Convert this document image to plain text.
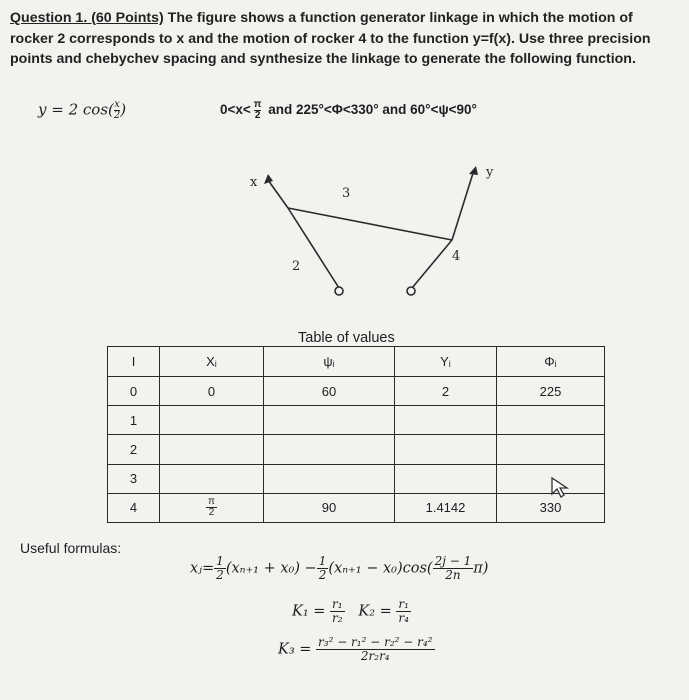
Question 1. (60 Points) The figure shows a function generator linkage in which the motion of rocker 2 corresponds to x and the motion of rocker 4 to the function y=f(x). Use three precision points and chebychev spacing and synthesize the linkage to generate the following function.
y = 2 $\cos( \frac{x}{2}$ )	$0<x< \frac{\pi}{2}$ and 225°<Φ<330° and 60°<ψ<90°
x
y
2
3
4
Table of values
I	Xᵢ	ψᵢ	Yᵢ	Φᵢ
0	0	60	2	225
1				
2				
3				
4	$\frac{\pi}{2}$	90	1.4142	330
Useful formulas:
xⱼ= $\frac{1}{2} (x_{n+1} + x_0) - \frac{1}{2} (x_{n+1} - x_0)\cos( \frac{2j - 1}{2n} \pi)$
$K_1 = \frac{\text{r₁}}{\text{r₂}} K_2 = \frac{\text{r₁}}{\text{r₄}}$
$K_3 = \frac{\text{r₃² − r₁² − r₂² − r₄²}}{\text{2r₂r₄}}$
